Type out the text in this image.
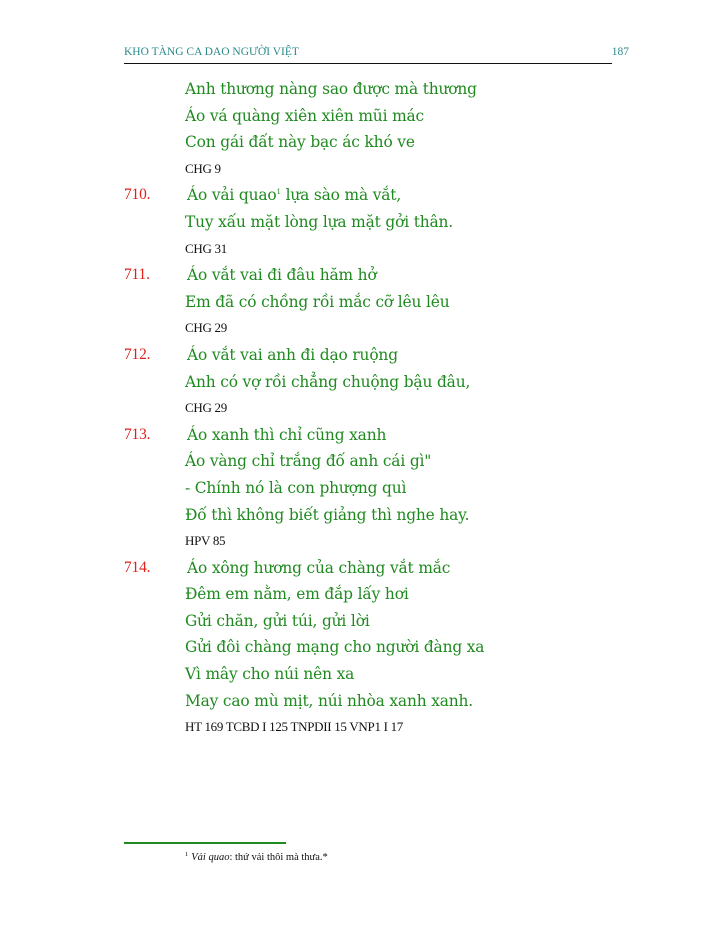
KHO TÀNG CA DAO NGƯỜI VIỆT	187
Anh thương nàng sao được mà thương
Áo vá quàng xiên xiên mũi mác
Con gái đất này bạc ác khó ve
CHG 9
710. Áo vải quao$^1$ lựa sào mà vắt,
Tuy xấu mặt lòng lựa mặt gởi thân.
CHG 31
711. Áo vắt vai đi đâu hăm hở
Em đã có chồng rồi mắc cỡ lêu lêu
CHG 29
712. Áo vắt vai anh đi dạo ruộng
Anh có vợ rồi chẳng chuộng bậu đâu,
CHG 29
713. Áo xanh thì chỉ cũng xanh
Áo vàng chỉ trắng đố anh cái gì"
- Chính nó là con phượng quì
Đố thì không biết giảng thì nghe hay.
HPV 85
714. Áo xông hương của chàng vắt mắc
Đêm em nằm, em đắp lấy hơi
Gửi chăn, gửi túi, gửi lời
Gửi đôi chàng mạng cho người đàng xa
Vì mây cho núi nên xa
May cao mù mịt, núi nhòa xanh xanh.
HT 169 TCBD I 125 TNPDII 15 VNP1 I 17
$^1$ Vải quao: thứ vải thôi mà thưa.*
